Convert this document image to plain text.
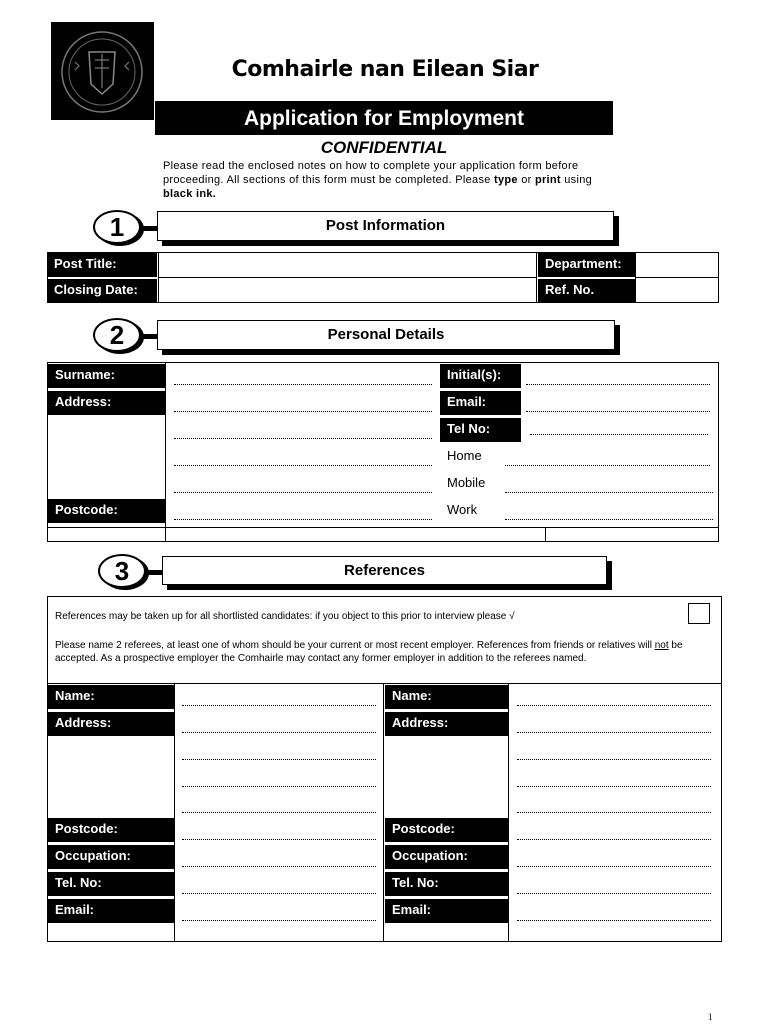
Comhairle nan Eilean Siar
Application for Employment
CONFIDENTIAL
Please read the enclosed notes on how to complete your application form before proceeding. All sections of this form must be completed. Please type or print using black ink.
Post Information
1
Post Title:	Department:
Closing Date:	Ref. No.
Personal Details
2
Surname:
Address:
Postcode:
Initial(s):
Email:
Tel No:
Home
Mobile
Work
References
3
References may be taken up for all shortlisted candidates: if you object to this prior to interview please √
Please name 2 referees, at least one of whom should be your current or most recent employer. References from friends or relatives will not be accepted. As a prospective employer the Comhairle may contact any former employer in addition to the referees named.
Name:
Address:
Postcode:
Occupation:
Tel. No:
Email:
Name:
Address:
Postcode:
Occupation:
Tel. No:
Email:
1
